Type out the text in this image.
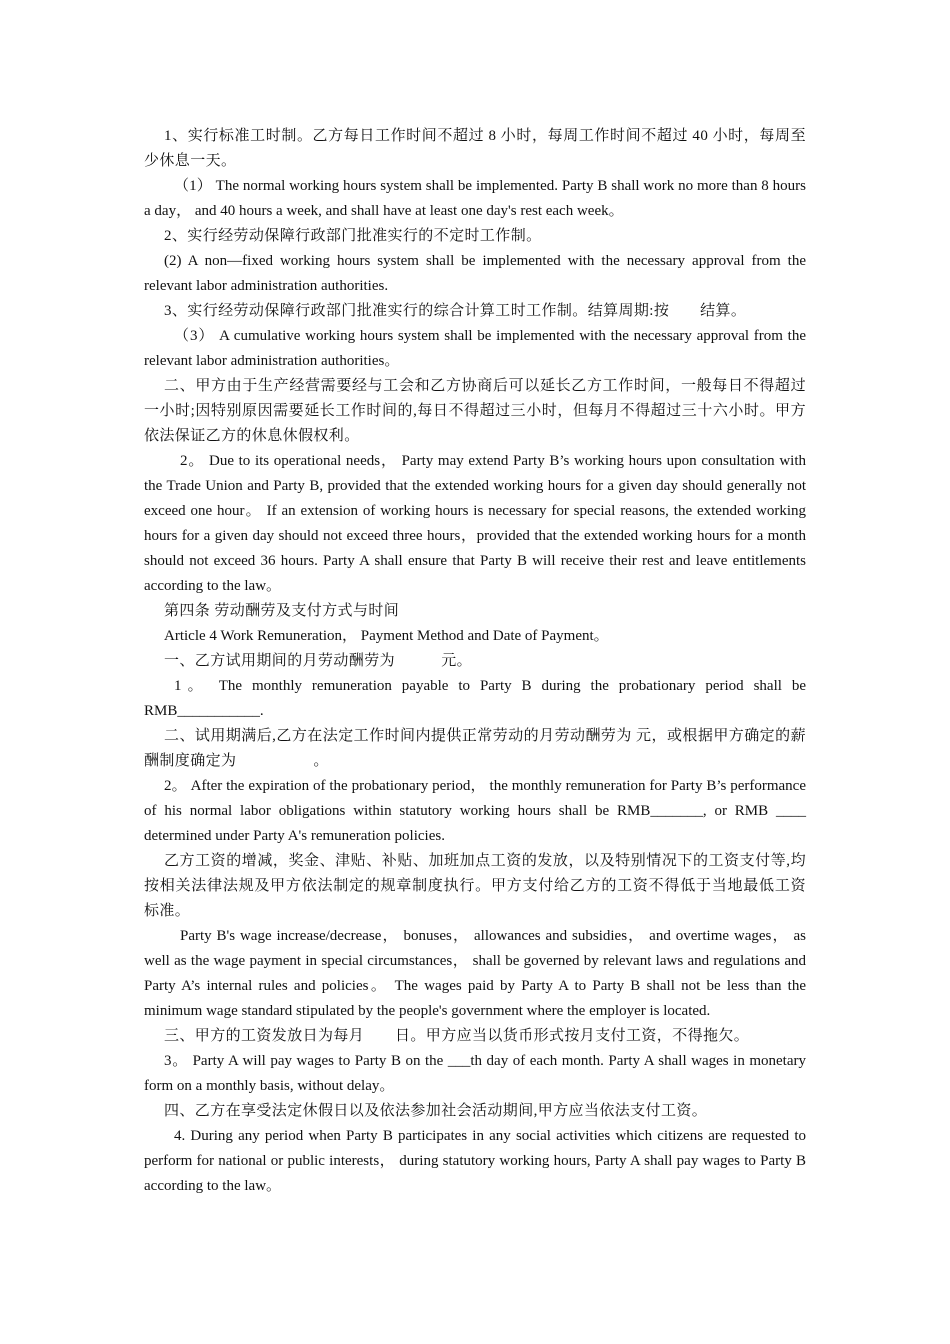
1、实行标准工时制。乙方每日工作时间不超过 8 小时，每周工作时间不超过 40 小时，每周至少休息一天。

（1） The normal working hours system shall be implemented. Party B shall work no more than 8 hours a day， and 40 hours a week, and shall have at least one day's rest each week。

2、实行经劳动保障行政部门批准实行的不定时工作制。

(2) A non—fixed working hours system shall be implemented with the necessary approval from the relevant labor administration authorities.

3、实行经劳动保障行政部门批准实行的综合计算工时工作制。结算周期:按　　结算。

（3） A cumulative working hours system shall be implemented with the necessary approval from the relevant labor administration authorities。

二、甲方由于生产经营需要经与工会和乙方协商后可以延长乙方工作时间，一般每日不得超过一小时;因特别原因需要延长工作时间的,每日不得超过三小时，但每月不得超过三十六小时。甲方依法保证乙方的休息休假权利。

2。 Due to its operational needs， Party may extend Party B’s working hours upon consultation with the Trade Union and Party B, provided that the extended working hours for a given day should generally not exceed one hour。 If an extension of working hours is necessary for special reasons, the extended working hours for a given day should not exceed three hours，provided that the extended working hours for a month should not exceed 36 hours. Party A shall ensure that Party B will receive their rest and leave entitlements according to the law。

第四条 劳动酬劳及支付方式与时间

Article 4 Work Remuneration， Payment Method and Date of Payment。

一、乙方试用期间的月劳动酬劳为　　　元。

1。 The monthly remuneration payable to Party B during the probationary period shall be RMB___________.

二、试用期满后,乙方在法定工作时间内提供正常劳动的月劳动酬劳为 元，或根据甲方确定的薪酬制度确定为　　　　　。

2。 After the expiration of the probationary period， the monthly remuneration for Party B’s performance of his normal labor obligations within statutory working hours shall be RMB_______, or RMB ____ determined under Party A's remuneration policies.

乙方工资的增减，奖金、津贴、补贴、加班加点工资的发放，以及特别情况下的工资支付等,均按相关法律法规及甲方依法制定的规章制度执行。甲方支付给乙方的工资不得低于当地最低工资标准。

Party B's wage increase/decrease， bonuses， allowances and subsidies， and overtime wages， as well as the wage payment in special circumstances， shall be governed by relevant laws and regulations and Party A’s internal rules and policies。 The wages paid by Party A to Party B shall not be less than the minimum wage standard stipulated by the people's government where the employer is located.

三、甲方的工资发放日为每月　　日。甲方应当以货币形式按月支付工资，不得拖欠。

3。 Party A will pay wages to Party B on the ___th day of each month. Party A shall wages in monetary form on a monthly basis, without delay。

四、乙方在享受法定休假日以及依法参加社会活动期间,甲方应当依法支付工资。

4. During any period when Party B participates in any social activities which citizens are requested to perform for national or public interests， during statutory working hours, Party A shall pay wages to Party B according to the law。
